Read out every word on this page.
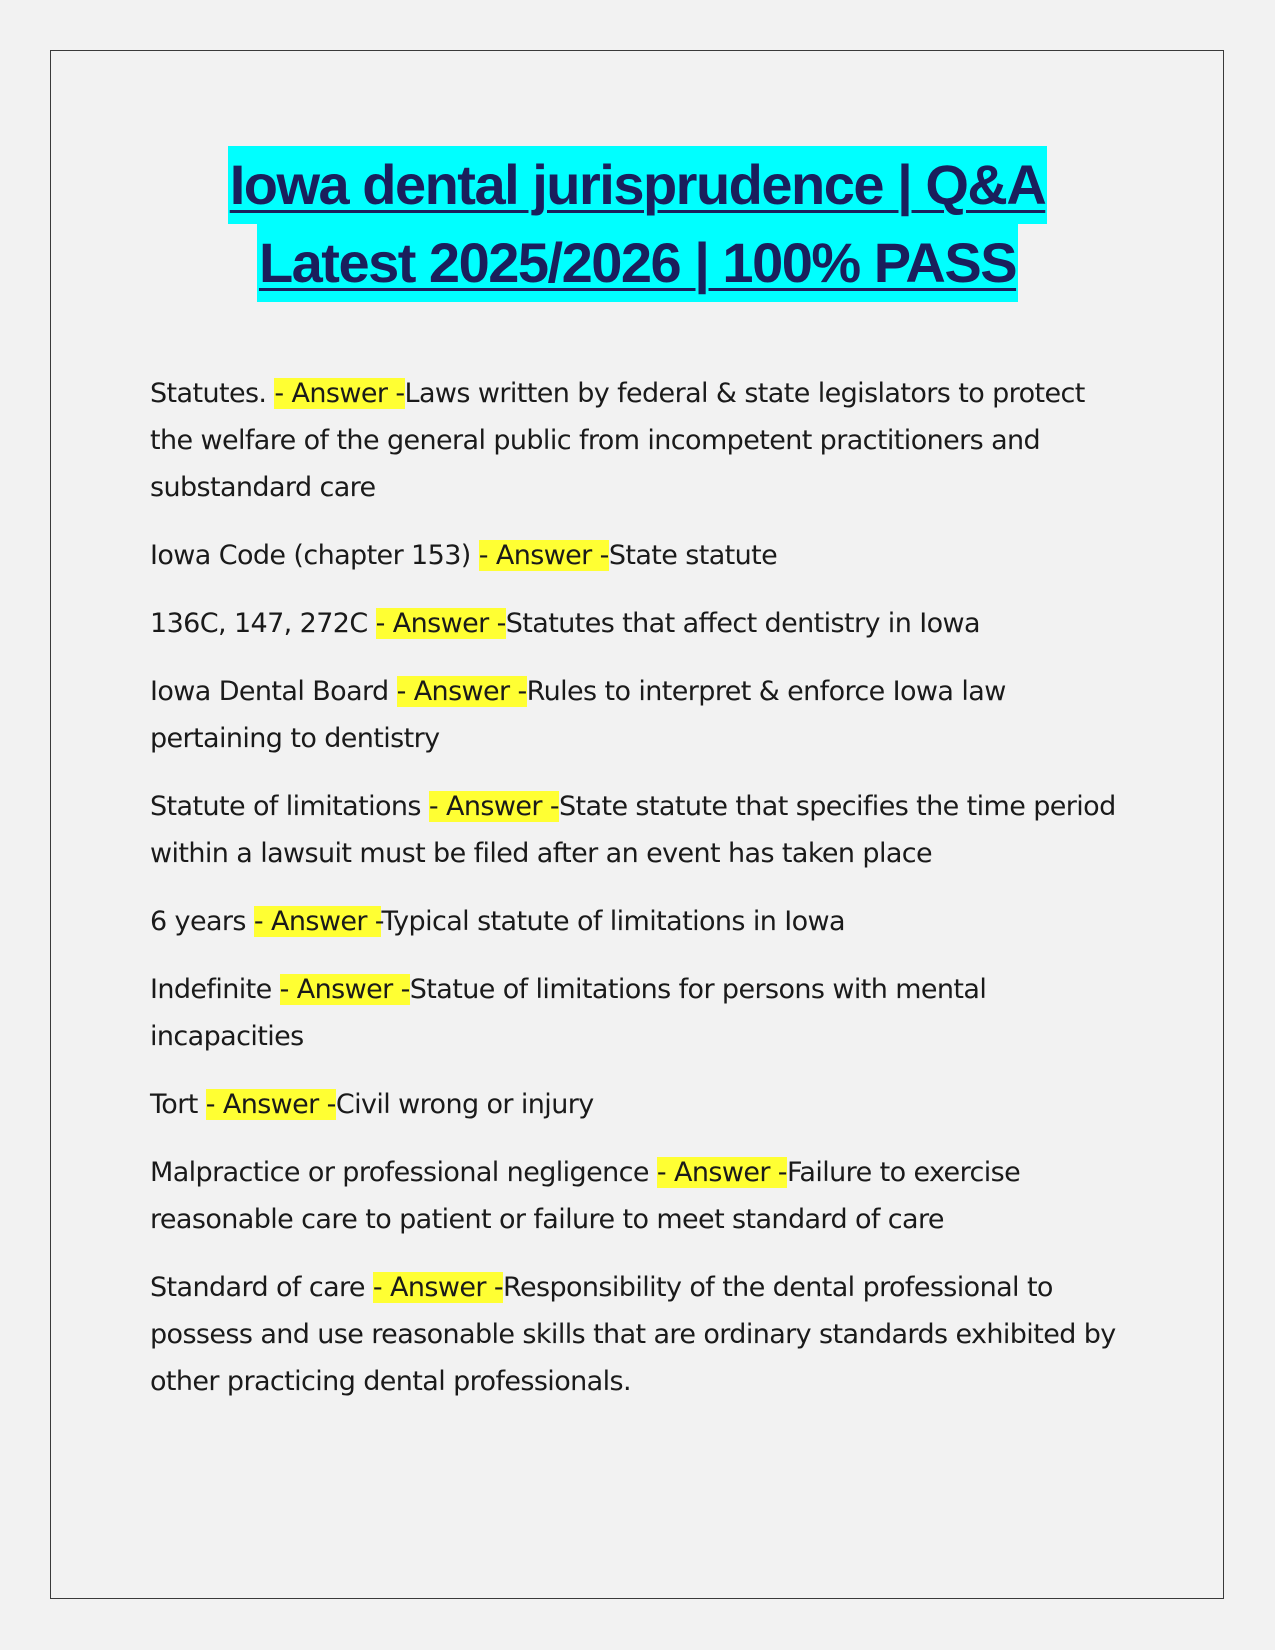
Iowa dental jurisprudence | Q&A
Latest 2025/2026 | 100% PASS

Statutes. - Answer -Laws written by federal & state legislators to protect the welfare of the general public from incompetent practitioners and substandard care

Iowa Code (chapter 153) - Answer -State statute

136C, 147, 272C - Answer -Statutes that affect dentistry in Iowa

Iowa Dental Board - Answer -Rules to interpret & enforce Iowa law pertaining to dentistry

Statute of limitations - Answer -State statute that specifies the time period within a lawsuit must be filed after an event has taken place

6 years - Answer -Typical statute of limitations in Iowa

Indefinite - Answer -Statue of limitations for persons with mental incapacities

Tort - Answer -Civil wrong or injury

Malpractice or professional negligence - Answer -Failure to exercise reasonable care to patient or failure to meet standard of care

Standard of care - Answer -Responsibility of the dental professional to possess and use reasonable skills that are ordinary standards exhibited by other practicing dental professionals.
